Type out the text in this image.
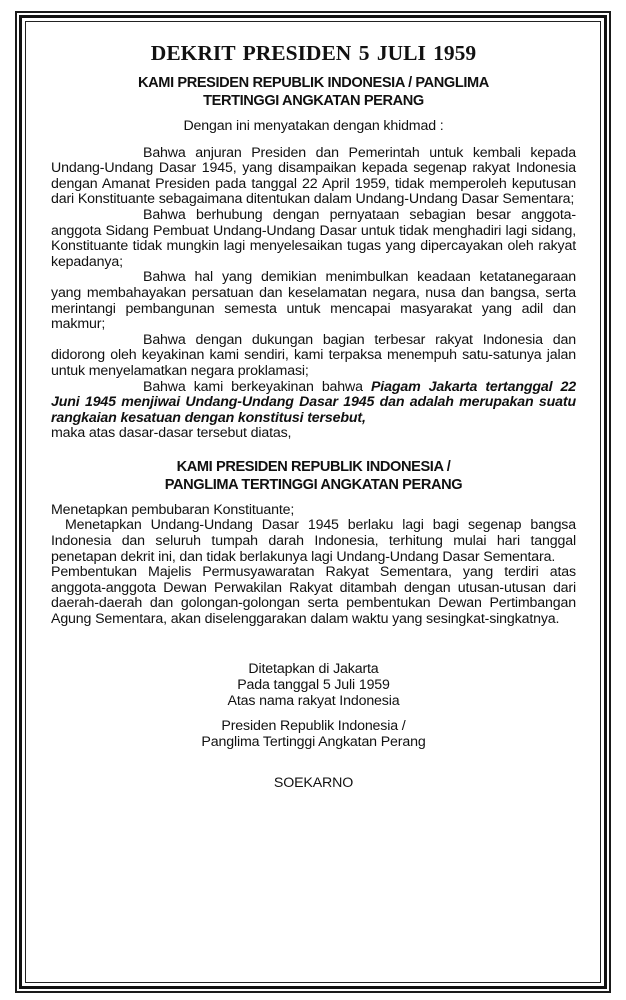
DEKRIT PRESIDEN 5 JULI 1959
KAMI PRESIDEN REPUBLIK INDONESIA / PANGLIMA
TERTINGGI ANGKATAN PERANG
Dengan ini menyatakan dengan khidmad :

Bahwa anjuran Presiden dan Pemerintah untuk kembali kepada Undang-Undang Dasar 1945, yang disampaikan kepada segenap rakyat Indonesia dengan Amanat Presiden pada tanggal 22 April 1959, tidak memperoleh keputusan dari Konstituante sebagaimana ditentukan dalam Undang-Undang Dasar Sementara;

Bahwa berhubung dengan pernyataan sebagian besar anggota-anggota Sidang Pembuat Undang-Undang Dasar untuk tidak menghadiri lagi sidang, Konstituante tidak mungkin lagi menyelesaikan tugas yang dipercayakan oleh rakyat kepadanya;

Bahwa hal yang demikian menimbulkan keadaan ketatanegaraan yang membahayakan persatuan dan keselamatan negara, nusa dan bangsa, serta merintangi pembangunan semesta untuk mencapai masyarakat yang adil dan makmur;

Bahwa dengan dukungan bagian terbesar rakyat Indonesia dan didorong oleh keyakinan kami sendiri, kami terpaksa menempuh satu-satunya jalan untuk menyelamatkan negara proklamasi;

Bahwa kami berkeyakinan bahwa Piagam Jakarta tertanggal 22 Juni 1945 menjiwai Undang-Undang Dasar 1945 dan adalah merupakan suatu rangkaian kesatuan dengan konstitusi tersebut,

maka atas dasar-dasar tersebut diatas,

KAMI PRESIDEN REPUBLIK INDONESIA /
PANGLIMA TERTINGGI ANGKATAN PERANG

Menetapkan pembubaran Konstituante;

Menetapkan Undang-Undang Dasar 1945 berlaku lagi bagi segenap bangsa Indonesia dan seluruh tumpah darah Indonesia, terhitung mulai hari tanggal penetapan dekrit ini, dan tidak berlakunya lagi Undang-Undang Dasar Sementara.

Pembentukan Majelis Permusyawaratan Rakyat Sementara, yang terdiri atas anggota-anggota Dewan Perwakilan Rakyat ditambah dengan utusan-utusan dari daerah-daerah dan golongan-golongan serta pembentukan Dewan Pertimbangan Agung Sementara, akan diselenggarakan dalam waktu yang sesingkat-singkatnya.

Ditetapkan di Jakarta
Pada tanggal 5 Juli 1959
Atas nama rakyat Indonesia
Presiden Republik Indonesia /
Panglima Tertinggi Angkatan Perang
SOEKARNO
